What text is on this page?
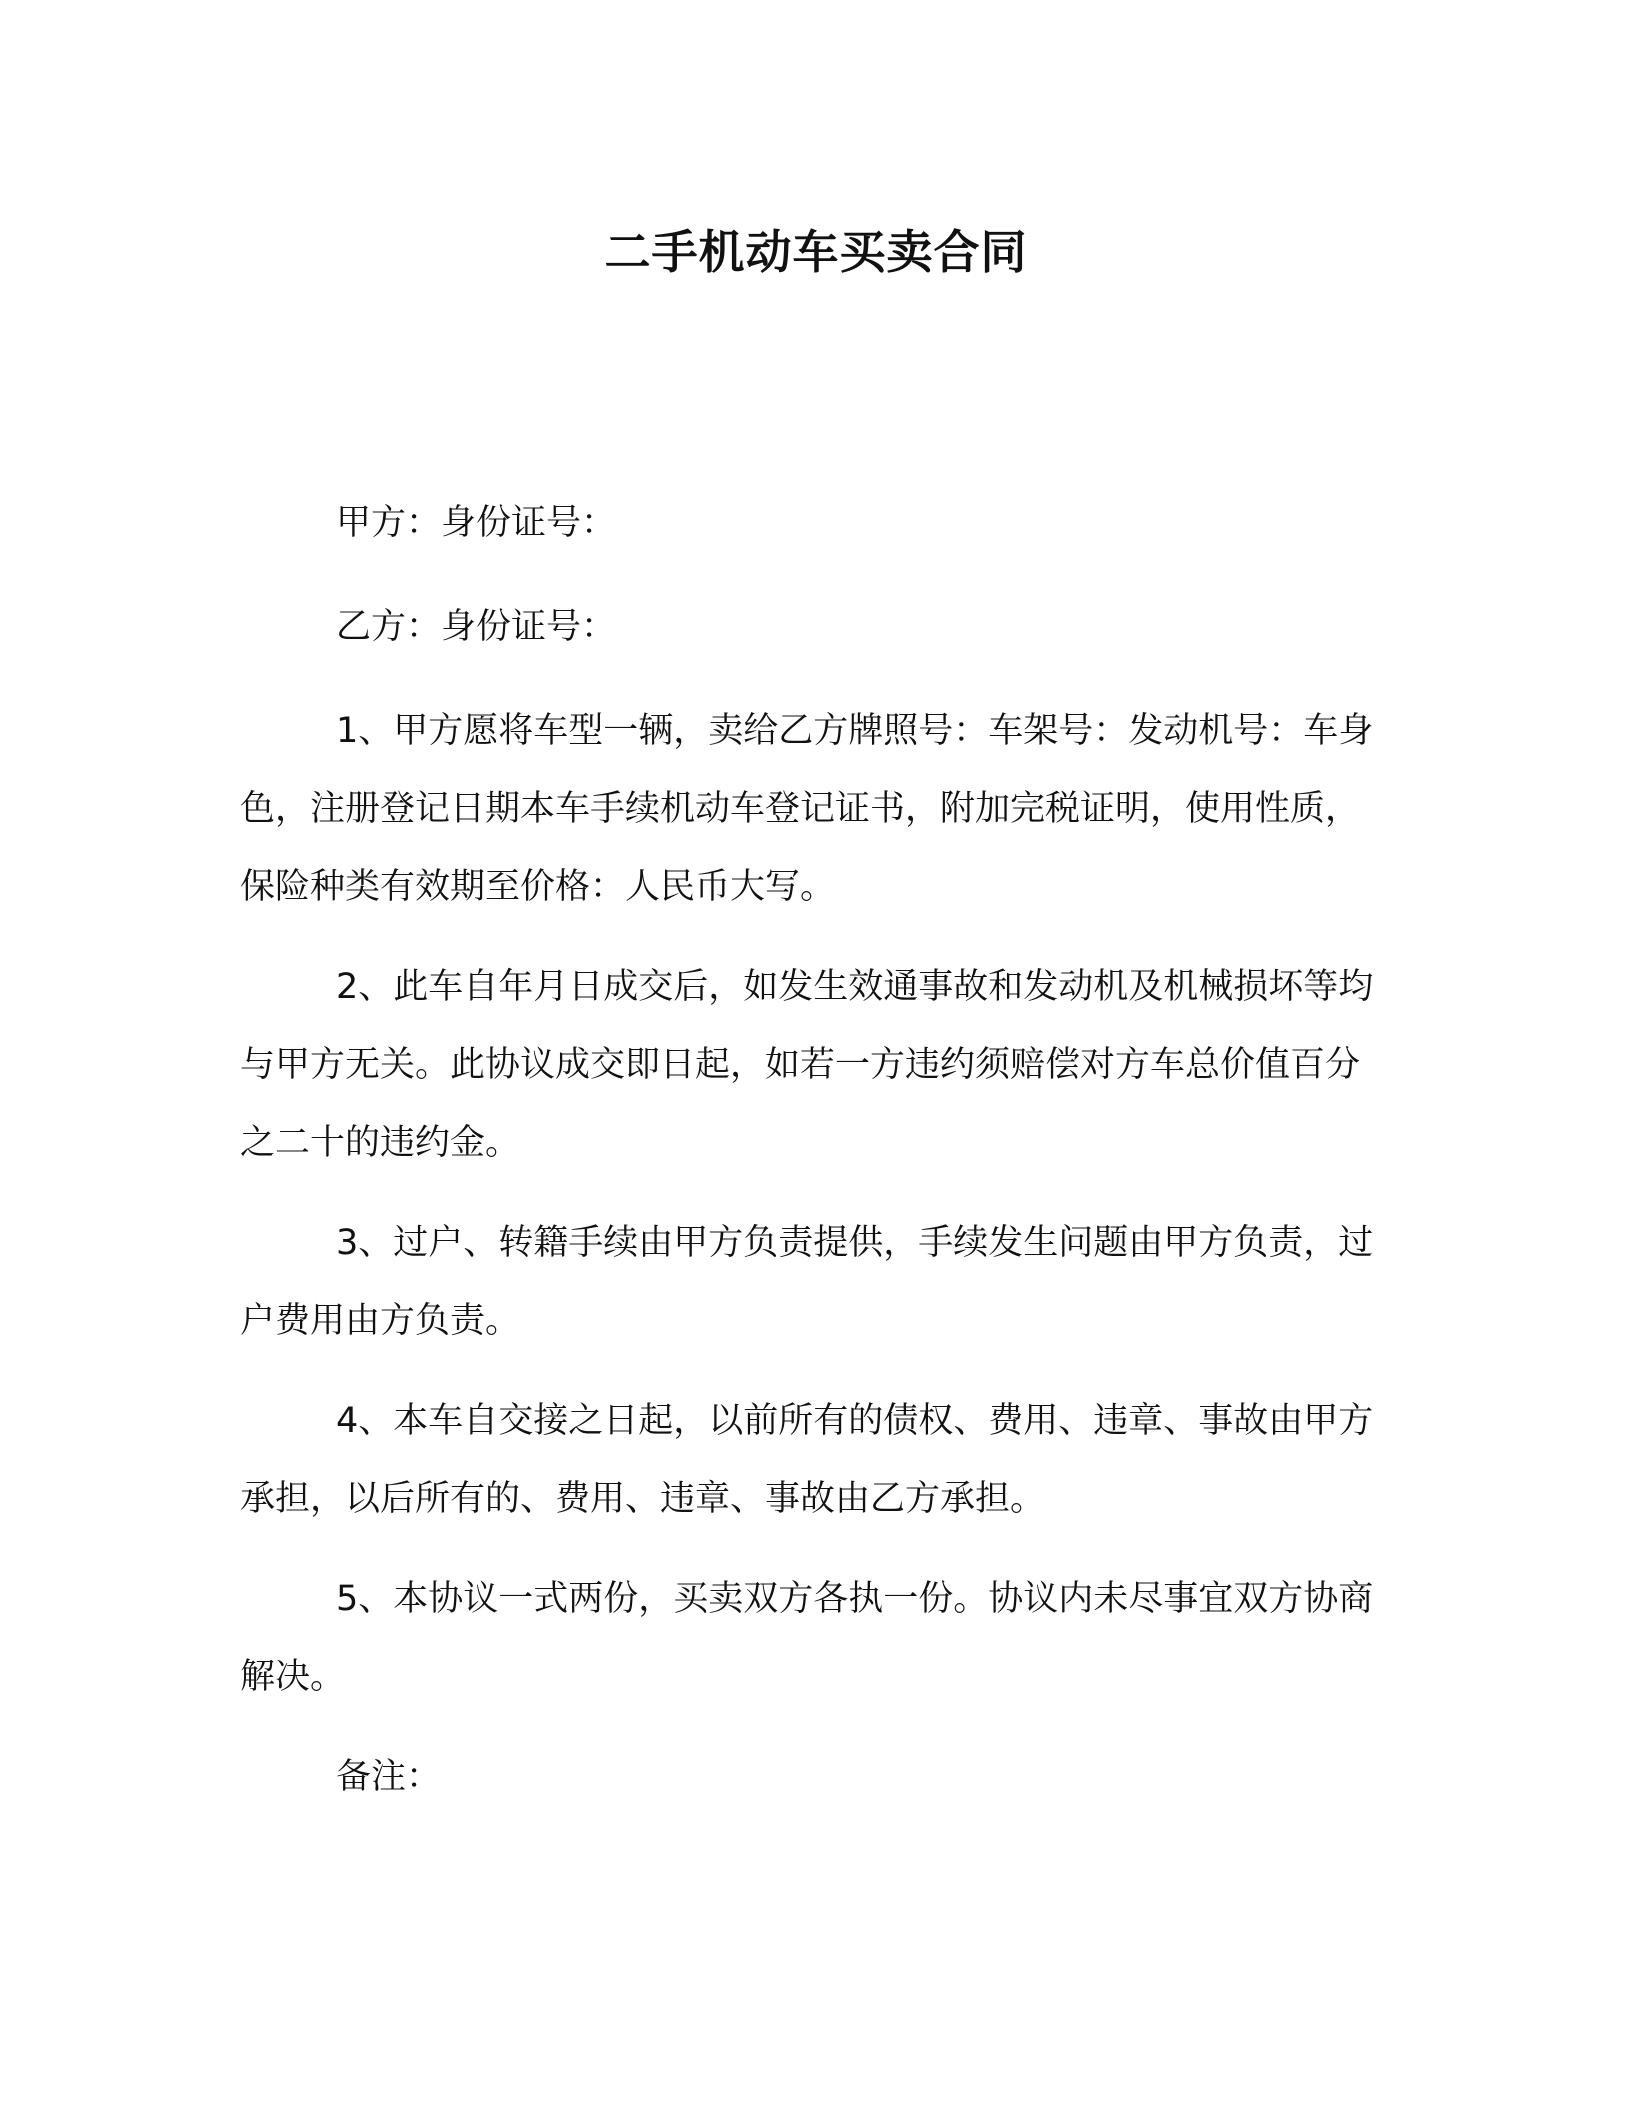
二手机动车买卖合同

甲方：身份证号：

乙方：身份证号：

1、甲方愿将车型一辆，卖给乙方牌照号：车架号：发动机号：车身色，注册登记日期本车手续机动车登记证书，附加完税证明，使用性质，保险种类有效期至价格：人民币大写。

2、此车自年月日成交后，如发生效通事故和发动机及机械损坏等均与甲方无关。此协议成交即日起，如若一方违约须赔偿对方车总价值百分之二十的违约金。

3、过户、转籍手续由甲方负责提供，手续发生问题由甲方负责，过户费用由方负责。

4、本车自交接之日起，以前所有的债权、费用、违章、事故由甲方承担，以后所有的、费用、违章、事故由乙方承担。

5、本协议一式两份，买卖双方各执一份。协议内未尽事宜双方协商解决。

备注：
